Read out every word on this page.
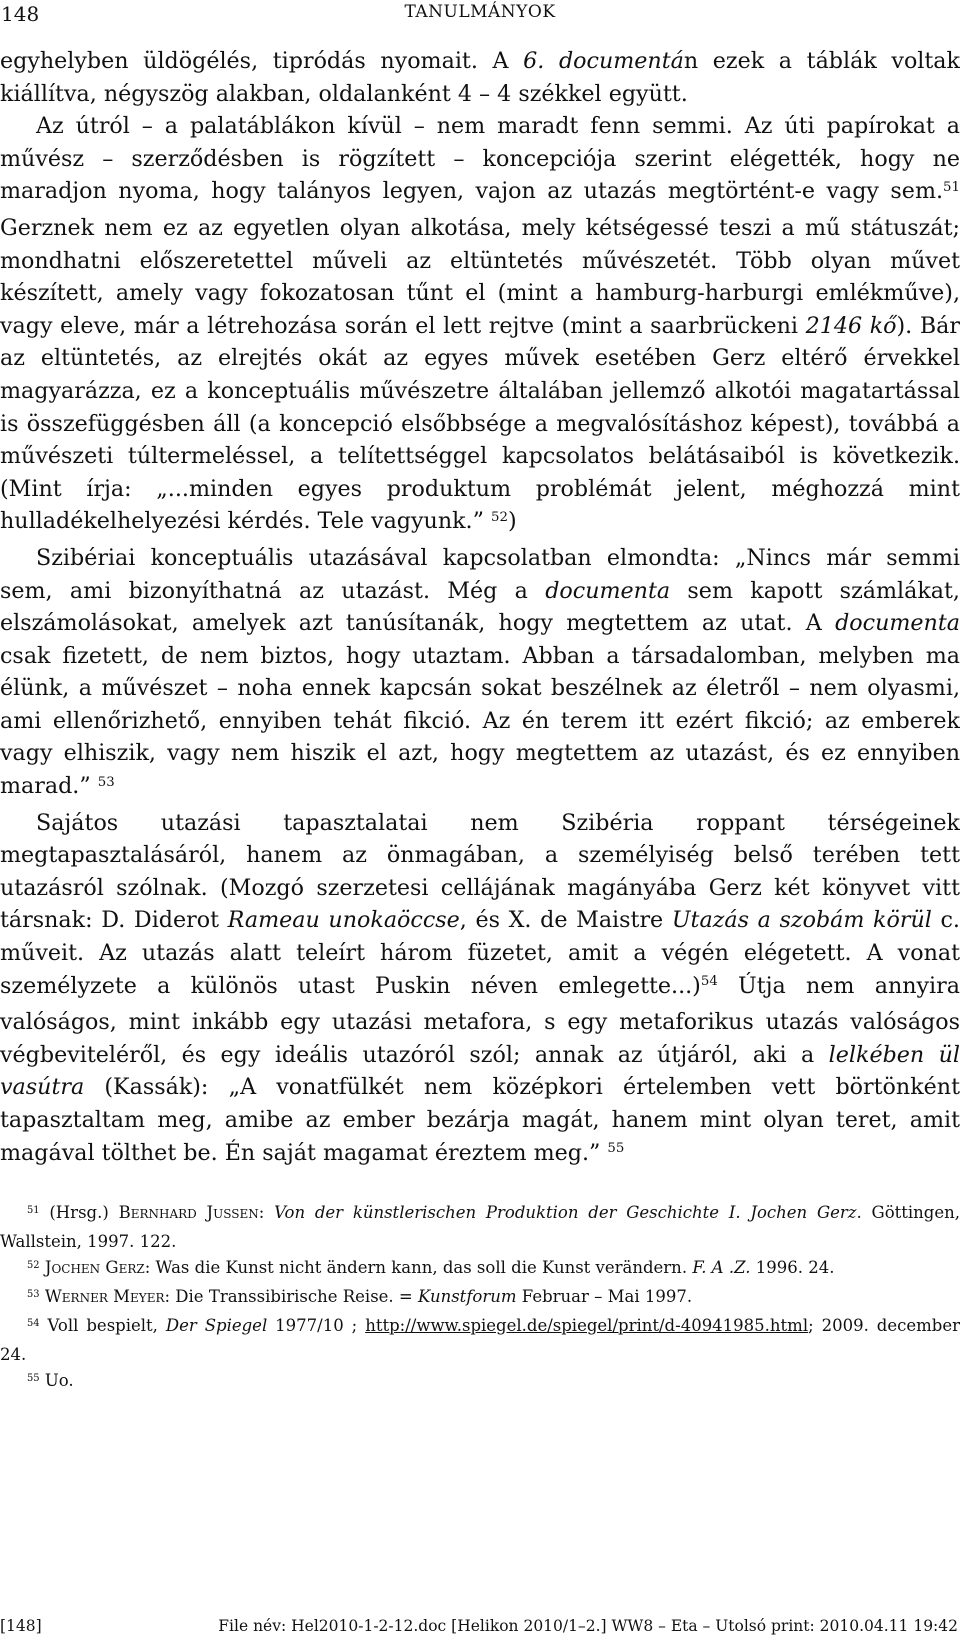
148	TANULMÁNYOK

egyhelyben üldögélés, tipródás nyomait. A 6. documentán ezek a táblák voltak kiállítva, négyszög alakban, oldalanként 4 – 4 székkel együtt.

Az útról – a palatáblákon kívül – nem maradt fenn semmi. Az úti papírokat a művész – szerződésben is rögzített – koncepciója szerint elégették, hogy ne maradjon nyoma, hogy talányos legyen, vajon az utazás megtörtént-e vagy sem.$^{51}$ Gerznek nem ez az egyetlen olyan alkotása, mely kétségessé teszi a mű státuszát; mondhatni előszeretettel műveli az eltüntetés művészetét. Több olyan művet készített, amely vagy fokozatosan tűnt el (mint a hamburg-harburgi emlékműve), vagy eleve, már a létrehozása során el lett rejtve (mint a saarbrückeni 2146 kő). Bár az eltüntetés, az elrejtés okát az egyes művek esetében Gerz eltérő érvekkel magyarázza, ez a konceptuális művészetre általában jellemző alkotói magatartással is összefüggésben áll (a koncepció elsőbbsége a megvalósításhoz képest), továbbá a művészeti túltermeléssel, a telítettséggel kapcsolatos belátásaiból is következik. (Mint írja: „...minden egyes produktum problémát jelent, méghozzá mint hulladékelhelyezési kérdés. Tele vagyunk.” $^{52}$)

Szibériai konceptuális utazásával kapcsolatban elmondta: „Nincs már semmi sem, ami bizonyíthatná az utazást. Még a documenta sem kapott számlákat, elszámolásokat, amelyek azt tanúsítanák, hogy megtettem az utat. A documenta csak fizetett, de nem biztos, hogy utaztam. Abban a társadalomban, melyben ma élünk, a művészet – noha ennek kapcsán sokat beszélnek az életről – nem olyasmi, ami ellenőrizhető, ennyiben tehát fikció. Az én terem itt ezért fikció; az emberek vagy elhiszik, vagy nem hiszik el azt, hogy megtettem az utazást, és ez ennyiben marad.” $^{53}$

Sajátos utazási tapasztalatai nem Szibéria roppant térségeinek megtapasztalásáról, hanem az önmagában, a személyiség belső terében tett utazásról szólnak. (Mozgó szerzetesi cellájának magányába Gerz két könyvet vitt társnak: D. Diderot Rameau unokaöccse, és X. de Maistre Utazás a szobám körül c. műveit. Az utazás alatt teleírt három füzetet, amit a végén elégetett. A vonat személyzete a különös utast Puskin néven emlegette...)$^{54}$ Útja nem annyira valóságos, mint inkább egy utazási metafora, s egy metaforikus utazás valóságos végbeviteléről, és egy ideális utazóról szól; annak az útjáról, aki a lelkében ül vasútra (Kassák): „A vonatfülkét nem középkori értelemben vett börtönként tapasztaltam meg, amibe az ember bezárja magát, hanem mint olyan teret, amit magával tölthet be. Én saját magamat éreztem meg.” $^{55}$

$^{51}$ (Hrsg.) Bernhard Jussen: Von der künstlerischen Produktion der Geschichte I. Jochen Gerz. Göttingen, Wallstein, 1997. 122.

$^{52}$ Jochen Gerz: Was die Kunst nicht ändern kann, das soll die Kunst verändern. F. A .Z. 1996. 24.

$^{53}$ Werner Meyer: Die Transsibirische Reise. = Kunstforum Februar – Mai 1997.

$^{54}$ Voll bespielt, Der Spiegel 1977/10 ; http://www.spiegel.de/spiegel/print/d-40941985.html; 2009. december 24.

$^{55}$ Uo.

[148]	File név: Hel2010-1-2-12.doc [Helikon 2010/1–2.] WW8 – Eta – Utolsó print: 2010.04.11 19:42
